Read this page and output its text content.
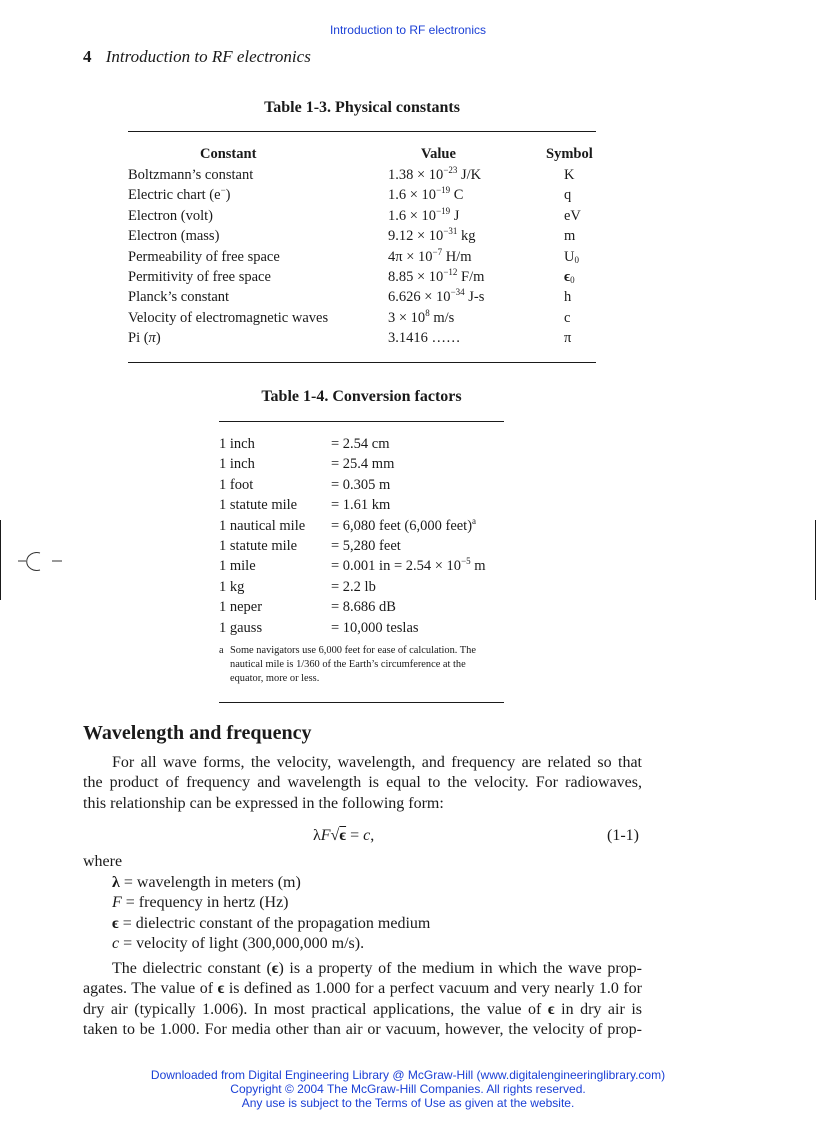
Introduction to RF electronics
4 Introduction to RF electronics
Table 1-3. Physical constants
Constant	Value	Symbol
Boltzmann’s constant	$1.38 \times 10^{-23}$ J/K	K
Electric chart (e−)	$1.6 \times 10^{-19}$ C	q
Electron (volt)	$1.6 \times 10^{-19}$ J	eV
Electron (mass)	$9.12 \times 10^{-31}$ kg	m
Permeability of free space	$4\pi \times 10^{-7}$ H/m	$U_0$
Permitivity of free space	$8.85 \times 10^{-12}$ F/m	$\epsilon_0$
Planck’s constant	$6.626 \times 10^{-34}$ J-s	h
Velocity of electromagnetic waves	$3 \times 10^8$ m/s	c
Pi (π)	3.1416 ……	π
Table 1-4. Conversion factors
1 inch	= 2.54 cm
1 inch	= 25.4 mm
1 foot	= 0.305 m
1 statute mile = 1.61 km
1 nautical mile = 6,080 feet (6,000 feet)$^a$
1 statute mile = 5,280 feet
1 mile	= 0.001 in = $2.54 \times 10^{-5}$ m
1 kg	= 2.2 lb
1 neper	= 8.686 dB
1 gauss	= 10,000 teslas
a Some navigators use 6,000 feet for ease of calculation. The
nautical mile is 1/360 of the Earth’s circumference at the
equator, more or less.
Wavelength and frequency
For all wave forms, the velocity, wavelength, and frequency are related so that
the product of frequency and wavelength is equal to the velocity. For radiowaves,
this relationship can be expressed in the following form:
λF√ϵ = c,	(1-1)
where
λ = wavelength in meters (m)
F = frequency in hertz (Hz)
ϵ = dielectric constant of the propagation medium
c = velocity of light (300,000,000 m/s).
The dielectric constant (ϵ) is a property of the medium in which the wave prop-
agates. The value of ϵ is defined as 1.000 for a perfect vacuum and very nearly 1.0 for
dry air (typically 1.006). In most practical applications, the value of ϵ in dry air is
taken to be 1.000. For media other than air or vacuum, however, the velocity of prop-
Downloaded from Digital Engineering Library @ McGraw-Hill (www.digitalengineeringlibrary.com)
Copyright © 2004 The McGraw-Hill Companies. All rights reserved.
Any use is subject to the Terms of Use as given at the website.
